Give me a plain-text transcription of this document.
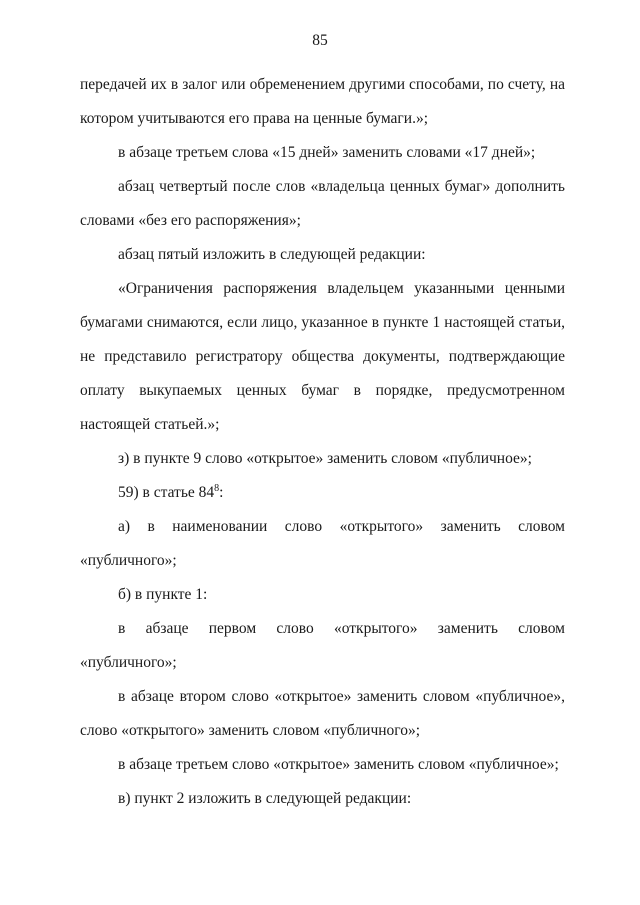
85

передачей их в залог или обременением другими способами, по счету, на котором учитываются его права на ценные бумаги.»;

в абзаце третьем слова «15 дней» заменить словами «17 дней»;

абзац четвертый после слов «владельца ценных бумаг» дополнить словами «без его распоряжения»;

абзац пятый изложить в следующей редакции:

«Ограничения распоряжения владельцем указанными ценными бумагами снимаются, если лицо, указанное в пункте 1 настоящей статьи, не представило регистратору общества документы, подтверждающие оплату выкупаемых ценных бумаг в порядке, предусмотренном настоящей статьей.»;

з) в пункте 9 слово «открытое» заменить словом «публичное»;

59) в статье $84^8$:

а) в наименовании слово «открытого» заменить словом «публичного»;

б) в пункте 1:

в абзаце первом слово «открытого» заменить словом «публичного»;

в абзаце втором слово «открытое» заменить словом «публичное», слово «открытого» заменить словом «публичного»;

в абзаце третьем слово «открытое» заменить словом «публичное»;

в) пункт 2 изложить в следующей редакции:
